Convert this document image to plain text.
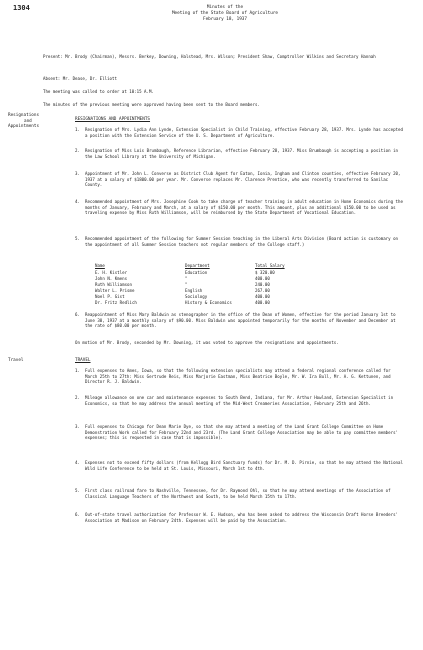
1304	Minutes of the
Meeting of the State Board of Agriculture
February 18, 1937
Present: Mr. Brody (Chairman), Messrs. Berkey, Downing, Halstead, Mrs. Wilson; President Shaw, Comptroller Wilkins and Secretary Hannah
Absent: Mr. Dease, Dr. Elliott
The meeting was called to order at 10:15 A.M.
The minutes of the previous meeting were approved having been sent to the Board members.
Resignations
and
Appointments
RESIGNATIONS AND APPOINTMENTS
1. Resignation of Mrs. Lydia Ann Lynde, Extension Specialist in Child Training, effective February 28, 1937. Mrs. Lynde has accepted a position with the Extension Service of the U. S. Department of Agriculture.
2. Resignation of Miss Lois Brumbaugh, Reference Librarian, effective February 28, 1937. Miss Brumbaugh is accepting a position in the Law School Library at the University of Michigan.
3. Appointment of Mr. John L. Converse as District Club Agent for Eaton, Ionia, Ingham and Clinton counties, effective February 20, 1937 at a salary of $1800.00 per year. Mr. Converse replaces Mr. Clarence Prentice, who was recently transferred to Sanilac County.
4. Recommended appointment of Mrs. Josephine Cook to take charge of teacher training in adult education in Home Economics during the months of January, February and March, at a salary of $150.00 per month. This amount, plus an additional $150.00 to be used as traveling expense by Miss Ruth Williamson, will be reimbursed by the State Department of Vocational Education.
5. Recommended appointment of the following for Summer Session teaching in the Liberal Arts Division (Board action is customary on the appointment of all Summer Session teachers not regular members of the College staff.)
Name	Department	Total Salary
E. H. Kistler	Education	$ 320.00
John N. Kmens	"	400.00
Ruth Williamson	"	240.00
Walter L. Prisme	English	267.00
Noel P. Gist	Sociology	400.00
Dr. Fritz Redlich	History & Economics	400.00
6. Reappointment of Miss Mary Baldwin as stenographer in the office of the Dean of Women, effective for the period January 1st to June 30, 1937 at a monthly salary of $90.00. Miss Baldwin was appointed temporarily for the months of November and December at the rate of $80.00 per month.
On motion of Mr. Brody, seconded by Mr. Downing, it was voted to approve the resignations and appointments.
Travel	TRAVEL
1. Full expenses to Ames, Iowa, so that the following extension specialists may attend a federal regional conference called for March 25th to 27th: Miss Gertrude Reis, Miss Marjorie Eastman, Miss Beatrice Boyle, Mr. W. Ira Bull, Mr. A. G. Kettunen, and Director R. J. Baldwin.
2. Mileage allowance on one car and maintenance expenses to South Bend, Indiana, for Mr. Arthur Howland, Extension Specialist in Economics, so that he may address the annual meeting of the Mid-West Creameries Association, February 25th and 26th.
3. Full expenses to Chicago for Dean Marie Dye, so that she may attend a meeting of the Land Grant College Committee on Home Demonstration Work called for February 22nd and 23rd. (The Land Grant College Association may be able to pay committee members' expenses; this is requested in case that is impossible).
4. Expenses not to exceed fifty dollars (from Kellogg Bird Sanctuary funds) for Dr. M. D. Pirnie, so that he may attend the National Wild Life Conference to be held at St. Louis, Missouri, March 1st to 4th.
5. First class railroad fare to Nashville, Tennessee, for Dr. Raymond Ohl, so that he may attend meetings of the Association of Classical Language Teachers of the Northwest and South, to be held March 15th to 17th.
6. Out-of-state travel authorization for Professor W. E. Hudson, who has been asked to address the Wisconsin Draft Horse Breeders' Association at Madison on February 24th. Expenses will be paid by the Association.
